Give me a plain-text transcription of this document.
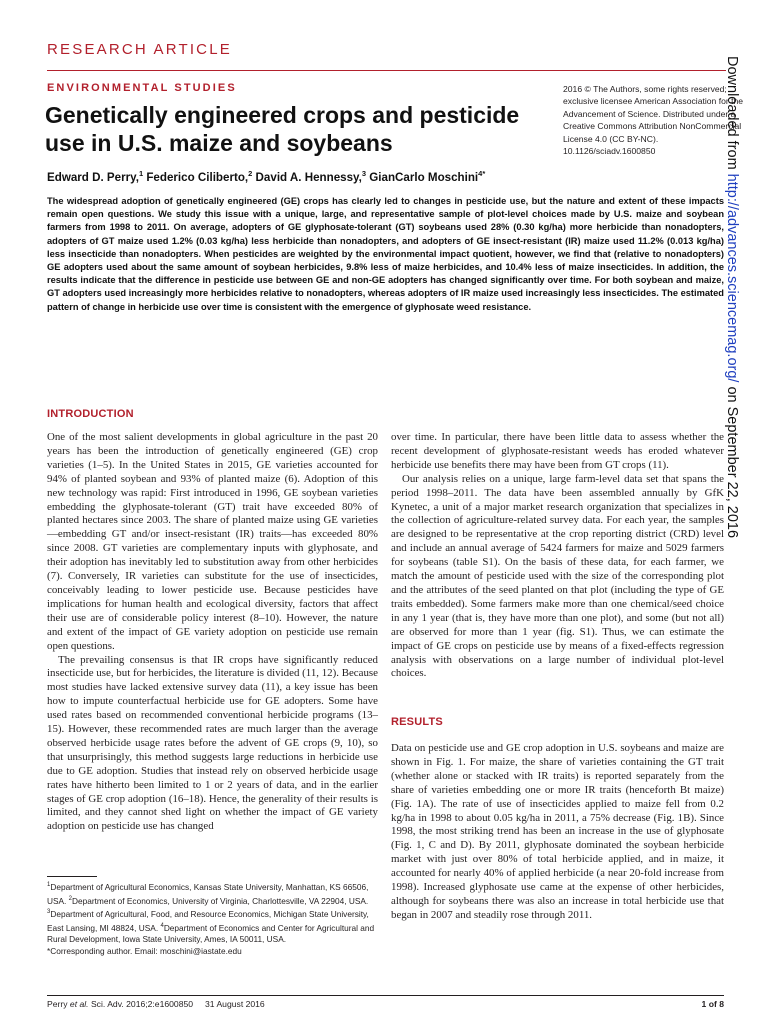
RESEARCH ARTICLE
ENVIRONMENTAL STUDIES
Genetically engineered crops and pesticide use in U.S. maize and soybeans
2016 © The Authors, some rights reserved; exclusive licensee American Association for the Advancement of Science. Distributed under a Creative Commons Attribution NonCommercial License 4.0 (CC BY-NC). 10.1126/sciadv.1600850
Edward D. Perry,$^1$ Federico Ciliberto,$^2$ David A. Hennessy,$^3$ GianCarlo Moschini$^{4*}$
The widespread adoption of genetically engineered (GE) crops has clearly led to changes in pesticide use, but the nature and extent of these impacts remain open questions. We study this issue with a unique, large, and representative sample of plot-level choices made by U.S. maize and soybean farmers from 1998 to 2011. On average, adopters of GE glyphosate-tolerant (GT) soybeans used 28% (0.30 kg/ha) more herbicide than nonadopters, adopters of GT maize used 1.2% (0.03 kg/ha) less herbicide than nonadopters, and adopters of GE insect-resistant (IR) maize used 11.2% (0.013 kg/ha) less insecticide than nonadopters. When pesticides are weighted by the environmental impact quotient, however, we find that (relative to nonadopters) GE adopters used about the same amount of soybean herbicides, 9.8% less of maize herbicides, and 10.4% less of maize insecticides. In addition, the results indicate that the difference in pesticide use between GE and non-GE adopters has changed significantly over time. For both soybean and maize, GT adopters used increasingly more herbicides relative to nonadopters, whereas adopters of IR maize used increasingly less insecticides. The estimated pattern of change in herbicide use over time is consistent with the emergence of glyphosate weed resistance.
INTRODUCTION

One of the most salient developments in global agriculture in the past 20 years has been the introduction of genetically engineered (GE) crop varieties (1–5). In the United States in 2015, GE varieties accounted for 94% of planted soybean and 93% of planted maize (6). Adoption of this new technology was rapid: First introduced in 1996, GE soybean varieties embedding the glyphosate-tolerant (GT) trait have exceeded 80% of planted hectares since 2003. The share of planted maize using GE varieties—embedding GT and/or insect-resistant (IR) traits—has exceeded 80% since 2008. GT varieties are complementary inputs with glyphosate, and their adoption has inevitably led to substitution away from other herbicides (7). Conversely, IR varieties can substitute for the use of insecticides, conceivably leading to lower pesticide use. Because pesticides have implications for human health and ecological diversity, factors that affect their use are of considerable policy interest (8–10). However, the nature and extent of the impact of GE variety adoption on pesticide use remain open questions.

The prevailing consensus is that IR crops have significantly reduced insecticide use, but for herbicides, the literature is divided (11, 12). Because most studies have lacked extensive survey data (11), a key issue has been how to impute counterfactual herbicide use for GE adopters. Some have used rates based on recommended conventional herbicide programs (13–15). However, these recommended rates are much larger than the average observed herbicide usage rates before the advent of GE crops (9, 10), so that unsurprisingly, this method suggests large reductions in herbicide use due to GE adoption. Studies that instead rely on observed herbicide usage rates have hitherto been limited to 1 or 2 years of data, and in the earlier stages of GE crop adoption (16–18). Hence, the generality of their results is limited, and they cannot shed light on whether the impact of GE variety adoption on pesticide use has changed

over time. In particular, there have been little data to assess whether the recent development of glyphosate-resistant weeds has eroded whatever herbicide use benefits there may have been from GT crops (11).

Our analysis relies on a unique, large farm-level data set that spans the period 1998–2011. The data have been assembled annually by GfK Kynetec, a unit of a major market research organization that specializes in the collection of agriculture-related survey data. For each year, the samples are designed to be representative at the crop reporting district (CRD) level and include an annual average of 5424 farmers for maize and 5029 farmers for soybeans (table S1). On the basis of these data, for each farmer, we match the amount of pesticide used with the size of the corresponding plot and the attributes of the seed planted on that plot (including the type of GE traits embedded). Some farmers make more than one chemical/seed choice in any 1 year (that is, they have more than one plot), and some (but not all) are observed for more than 1 year (fig. S1). Thus, we can estimate the impact of GE crops on pesticide use by means of a fixed-effects regression analysis with observations on a large number of individual plot-level choices.

RESULTS

Data on pesticide use and GE crop adoption in U.S. soybeans and maize are shown in Fig. 1. For maize, the share of varieties containing the GT trait (whether alone or stacked with IR traits) is reported separately from the share of varieties embedding one or more IR traits (henceforth Bt maize) (Fig. 1A). The rate of use of insecticides applied to maize fell from 0.2 kg/ha in 1998 to about 0.05 kg/ha in 2011, a 75% decrease (Fig. 1B). Since 1998, the most striking trend has been an increase in the use of glyphosate (Fig. 1, C and D). By 2011, glyphosate dominated the soybean herbicide market with just over 80% of total herbicide applied, and in maize, it accounted for nearly 40% of applied herbicide (a near 20-fold increase from 1998). Increased glyphosate use came at the expense of other herbicides, although for soybeans there was also an increase in total herbicide use that began in 2007 and steadily rose through 2011.

$^1$Department of Agricultural Economics, Kansas State University, Manhattan, KS 66506, USA. $^2$Department of Economics, University of Virginia, Charlottesville, VA 22904, USA. $^3$Department of Agricultural, Food, and Resource Economics, Michigan State University, East Lansing, MI 48824, USA. $^4$Department of Economics and Center for Agricultural and Rural Development, Iowa State University, Ames, IA 50011, USA.

*Corresponding author. Email: moschini@iastate.edu

Perry et al. Sci. Adv. 2016;2:e1600850     31 August 2016	1 of 8
Downloaded from http://advances.sciencemag.org/ on September 22, 2016
